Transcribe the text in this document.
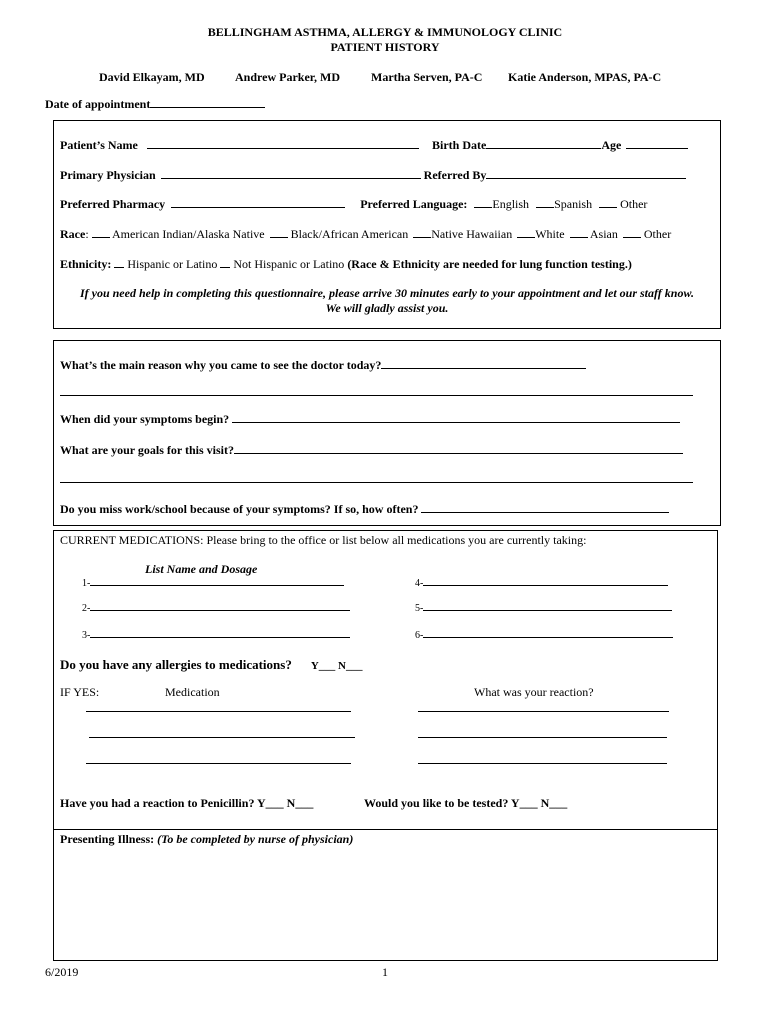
BELLINGHAM ASTHMA, ALLERGY & IMMUNOLOGY CLINIC
PATIENT HISTORY
David Elkayam, MD	Andrew Parker, MD	Martha Serven, PA-C Katie Anderson, MPAS, PA-C
Date of appointment
Patient’s Name	Birth Date	Age
Primary Physician	Referred By
Preferred Pharmacy	Preferred Language: English Spanish Other
Race:  American Indian/Alaska Native Black/African American Native Hawaiian White Asian Other
Ethnicity: Hispanic or Latino Not Hispanic or Latino (Race & Ethnicity are needed for lung function testing.)
If you need help in completing this questionnaire, please arrive 30 minutes early to your appointment and let our staff know.
We will gladly assist you.
What’s the main reason why you came to see the doctor today?
When did your symptoms begin?
What are your goals for this visit?
Do you miss work/school because of your symptoms? If so, how often?
CURRENT MEDICATIONS: Please bring to the office or list below all medications you are currently taking:
List Name and Dosage
1-	4-
2-	5-
3-	6-
Do you have any allergies to medications? Y___ N___
IF YES:	Medication	What was your reaction?
Have you had a reaction to Penicillin? Y___ N___	Would you like to be tested? Y___ N___
Presenting Illness: (To be completed by nurse of physician)
6/2019	1
